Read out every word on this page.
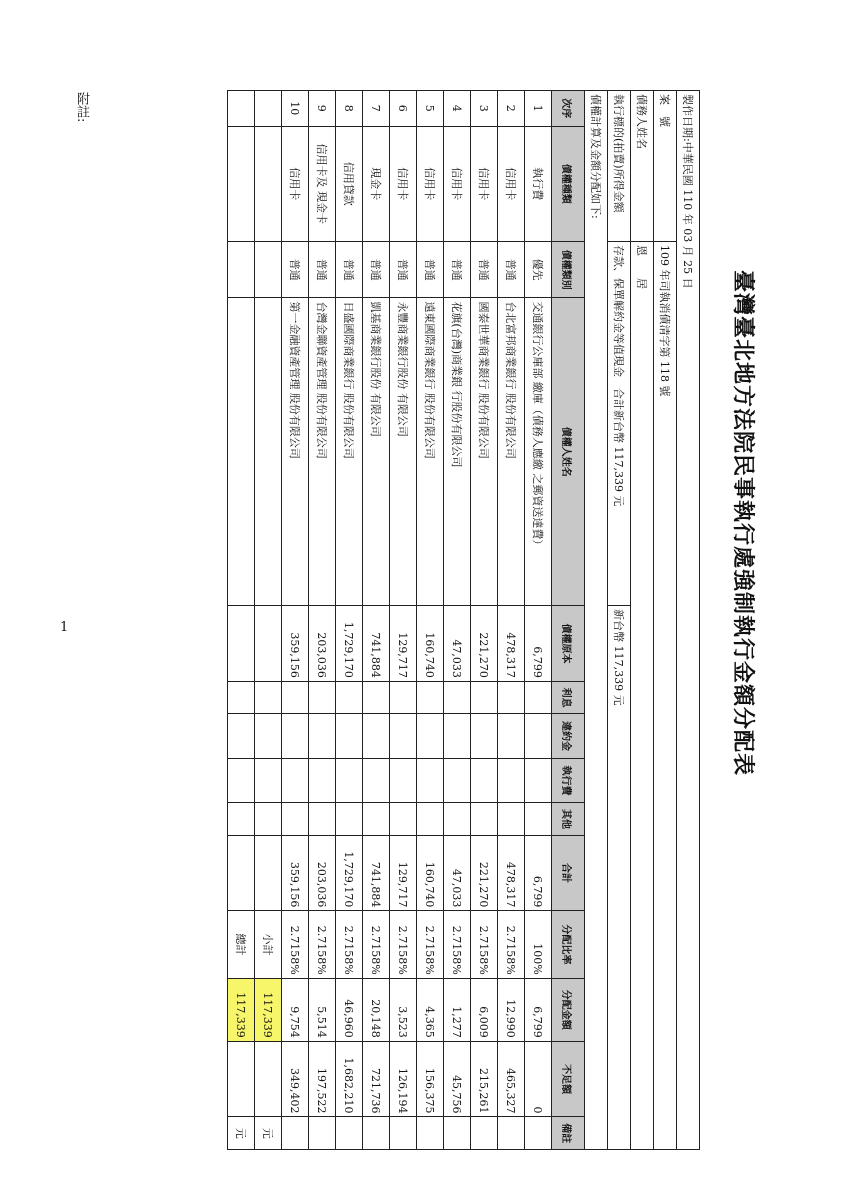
臺灣臺北地方法院民事執行處強制執行金額分配表
製作日期:中華民國 110 年 03 月 25 日													
案　號		109 年司執消債清字第 118 號											
債務人姓名		恩　　居											
執行標的(拍賣)所得金額		存款、保單解約金等值現金　合計新台幣 117,339 元		新台幣 117,339 元									
債權計算及金額分配如下:													
次序	債權種類	債權類別	債權人姓名	債權原本	利息	違約金	執行費	其他	合計	分配比率	分配金額	不足額	備註
1	執行費	優先	交通銀行公庫部 繳庫（債務人應繳 之郵資送達費）	6,799					6,799	100%	6,799	0	
2	信用卡	普通	台北富邦商業銀行 股份有限公司	478,317					478,317	2.7158%	12,990	465,327	
3	信用卡	普通	國泰世華商業銀行 股份有限公司	221,270					221,270	2.7158%	6,009	215,261	
4	信用卡	普通	花旗(台灣)商業銀 行股份有限公司	47,033					47,033	2.7158%	1,277	45,756	
5	信用卡	普通	遠東國際商業銀行 股份有限公司	160,740					160,740	2.7158%	4,365	156,375	
6	信用卡	普通	永豐商業銀行股份 有限公司	129,717					129,717	2.7158%	3,523	126,194	
7	現金卡	普通	凱基商業銀行股份 有限公司	741,884					741,884	2.7158%	20,148	721,736	
8	信用貸款	普通	日盛國際商業銀行 股份有限公司	1,729,170					1,729,170	2.7158%	46,960	1,682,210	
9	信用卡及 現金卡	普通	台灣金聯資產管理 股份有限公司	203,036					203,036	2.7158%	5,514	197,522	
10	信用卡	普通	第一金融資產管理 股份有限公司	359,156					359,156	2.7158%	9,754	349,402	
										小計	117,339		元
										總計	117,339		元
附註:
1
